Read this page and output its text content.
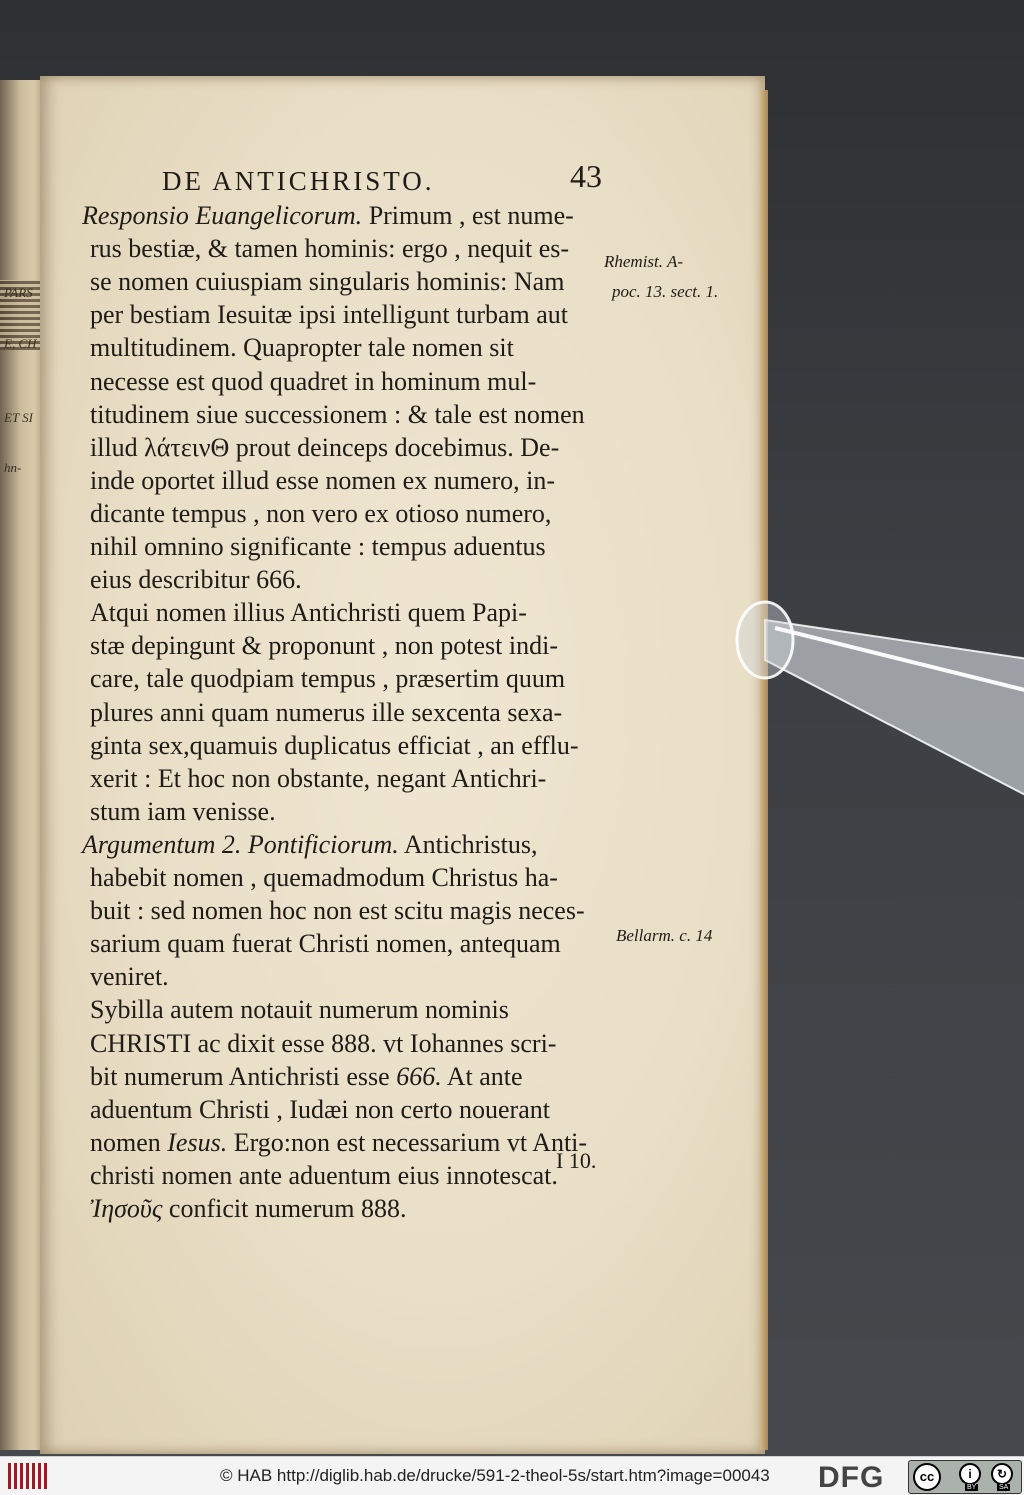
PARS
E, CH
ET SI
hn-
DE ANTICHRISTO.	43
Responsio Euangelicorum. Primum , est nume-
rus bestiæ, & tamen hominis: ergo , nequit es-
se nomen cuiuspiam singularis hominis: Nam
per bestiam Iesuitæ ipsi intelligunt turbam aut
multitudinem. Quapropter tale nomen sit
necesse est quod quadret in hominum mul-
titudinem siue successionem : & tale est nomen
illud λάτεινΘ prout deinceps docebimus. De-
inde oportet illud esse nomen ex numero, in-
dicante tempus , non vero ex otioso numero,
nihil omnino significante : tempus aduentus
eius describitur 666.
Atqui nomen illius Antichristi quem Papi-
stæ depingunt & proponunt , non potest indi-
care, tale quodpiam tempus , præsertim quum
plures anni quam numerus ille sexcenta sexa-
ginta sex,quamuis duplicatus efficiat , an efflu-
xerit : Et hoc non obstante, negant Antichri-
stum iam venisse.
Argumentum 2. Pontificiorum. Antichristus,
habebit nomen , quemadmodum Christus ha-
buit : sed nomen hoc non est scitu magis neces-
sarium quam fuerat Christi nomen, antequam
veniret.
Sybilla autem notauit numerum nominis
CHRISTI ac dixit esse 888. vt Iohannes scri-
bit numerum Antichristi esse 666. At ante
aduentum Christi , Iudæi non certo nouerant
nomen Iesus. Ergo:non est necessarium vt Anti-
christi nomen ante aduentum eius innotescat.
Ἰησοῦς conficit numerum 888.
Rhemist. A-
poc. 13. sect. 1.
Bellarm. c. 14
I 10.
© HAB http://diglib.hab.de/drucke/591-2-theol-5s/start.htm?image=00043 DFG	cc	i
BY
↻
SA
